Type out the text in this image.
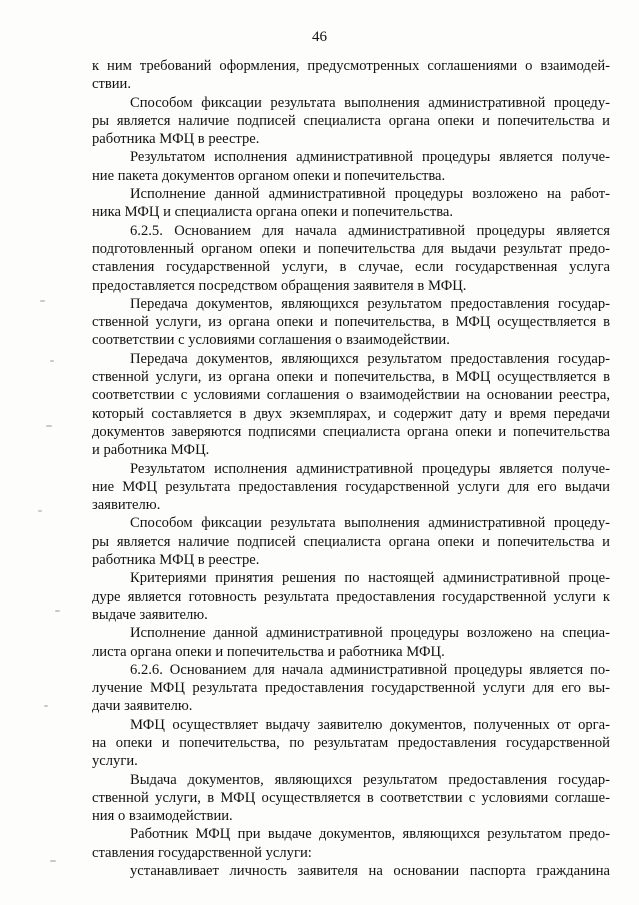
46
к ним требований оформления, предусмотренных соглашениями о взаимодей-
ствии.
Способом фиксации результата выполнения административной процеду-
ры является наличие подписей специалиста органа опеки и попечительства и
работника МФЦ в реестре.
Результатом исполнения административной процедуры является получе-
ние пакета документов органом опеки и попечительства.
Исполнение данной административной процедуры возложено на работ-
ника МФЦ и специалиста органа опеки и попечительства.
6.2.5. Основанием для начала административной процедуры является
подготовленный органом опеки и попечительства для выдачи результат предо-
ставления государственной услуги, в случае, если государственная услуга
предоставляется посредством обращения заявителя в МФЦ.
Передача документов, являющихся результатом предоставления государ-
ственной услуги, из органа опеки и попечительства, в МФЦ осуществляется в
соответствии с условиями соглашения о взаимодействии.
Передача документов, являющихся результатом предоставления государ-
ственной услуги, из органа опеки и попечительства, в МФЦ осуществляется в
соответствии с условиями соглашения о взаимодействии на основании реестра,
который составляется в двух экземплярах, и содержит дату и время передачи
документов заверяются подписями специалиста органа опеки и попечительства
и работника МФЦ.
Результатом исполнения административной процедуры является получе-
ние МФЦ результата предоставления государственной услуги для его выдачи
заявителю.
Способом фиксации результата выполнения административной процеду-
ры является наличие подписей специалиста органа опеки и попечительства и
работника МФЦ в реестре.
Критериями принятия решения по настоящей административной проце-
дуре является готовность результата предоставления государственной услуги к
выдаче заявителю.
Исполнение данной административной процедуры возложено на специа-
листа органа опеки и попечительства и работника МФЦ.
6.2.6. Основанием для начала административной процедуры является по-
лучение МФЦ результата предоставления государственной услуги для его вы-
дачи заявителю.
МФЦ осуществляет выдачу заявителю документов, полученных от орга-
на опеки и попечительства, по результатам предоставления государственной
услуги.
Выдача документов, являющихся результатом предоставления государ-
ственной услуги, в МФЦ осуществляется в соответствии с условиями соглаше-
ния о взаимодействии.
Работник МФЦ при выдаче документов, являющихся результатом предо-
ставления государственной услуги:
устанавливает личность заявителя на основании паспорта гражданина
